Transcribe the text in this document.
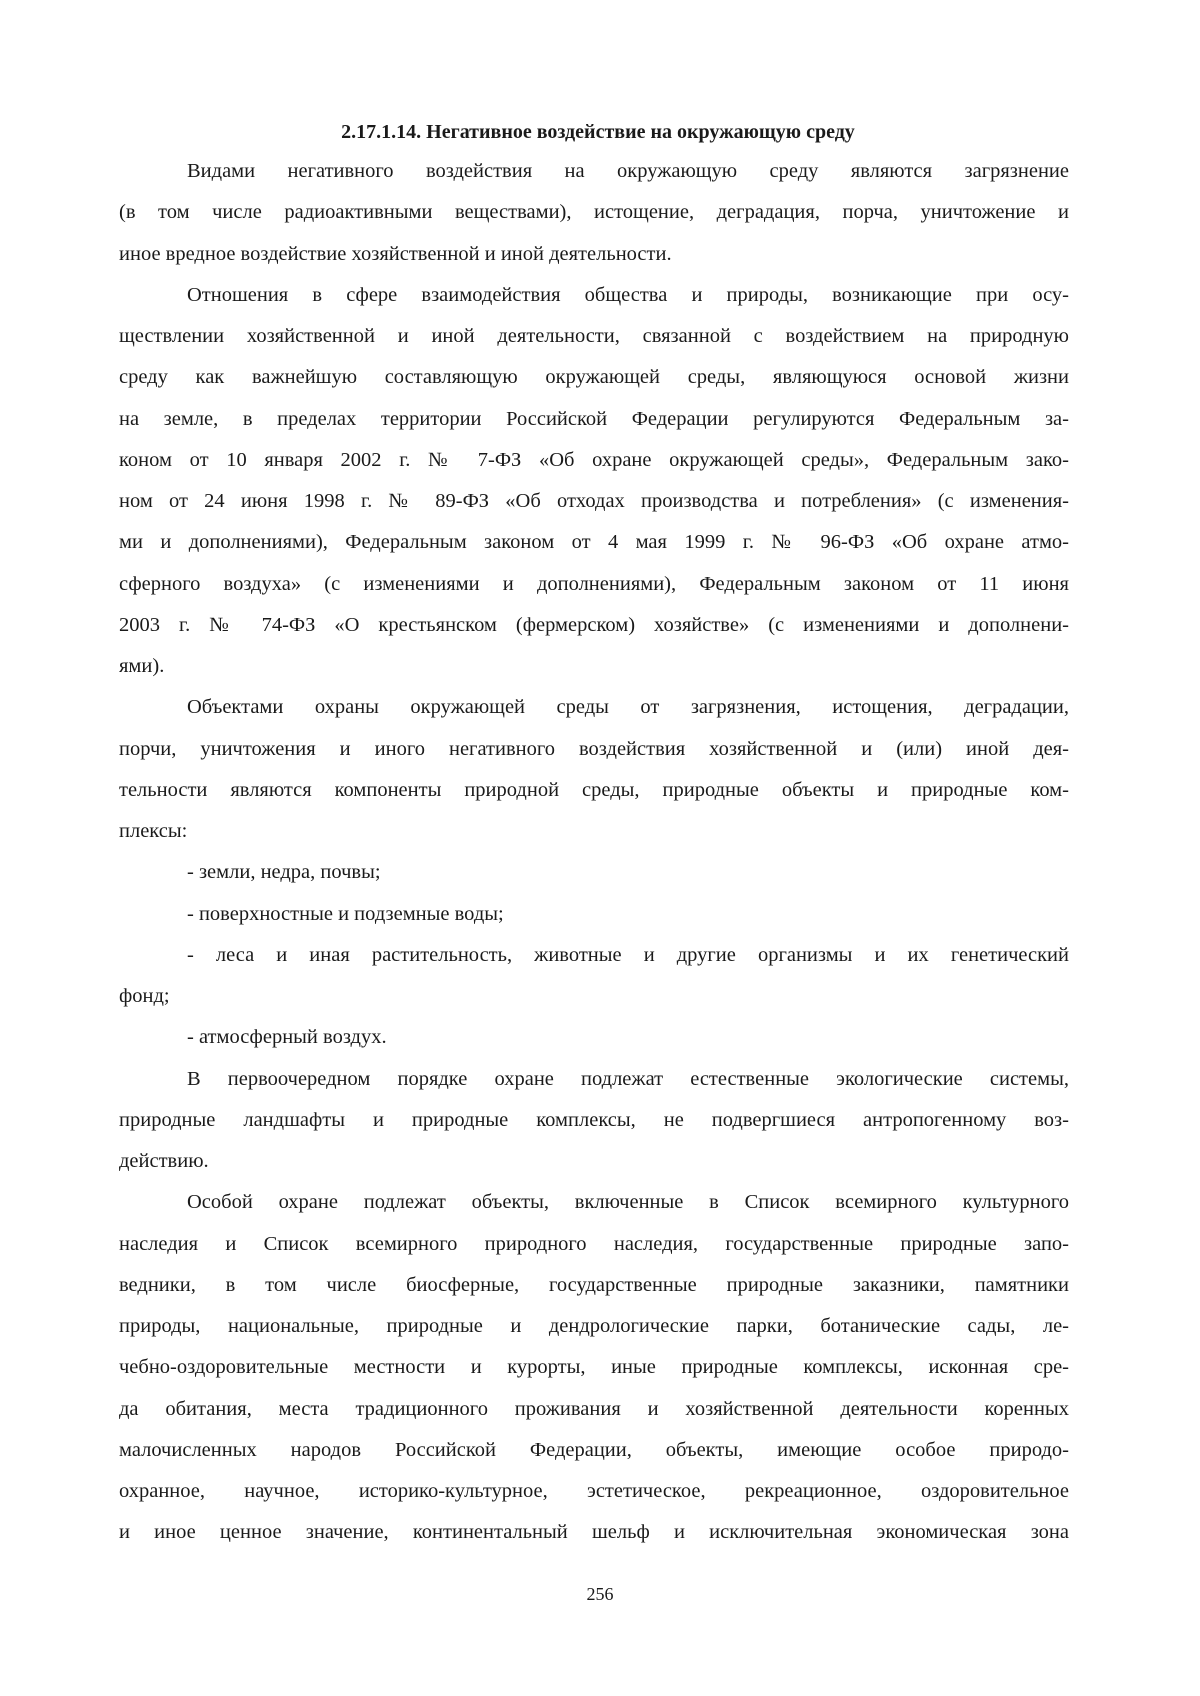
2.17.1.14. Негативное воздействие на окружающую среду
Видами негативного воздействия на окружающую среду являются загрязнение
(в том числе радиоактивными веществами), истощение, деградация, порча, уничтожение и
иное вредное воздействие хозяйственной и иной деятельности.
Отношения в сфере взаимодействия общества и природы, возникающие при осу-
ществлении хозяйственной и иной деятельности, связанной с воздействием на природную
среду как важнейшую составляющую окружающей среды, являющуюся основой жизни
на земле, в пределах территории Российской Федерации регулируются Федеральным за-
коном от 10 января 2002 г. № 7-ФЗ «Об охране окружающей среды», Федеральным зако-
ном от 24 июня 1998 г. № 89-ФЗ «Об отходах производства и потребления» (с изменения-
ми и дополнениями), Федеральным законом от 4 мая 1999 г. № 96-ФЗ «Об охране атмо-
сферного воздуха» (с изменениями и дополнениями), Федеральным законом от 11 июня
2003 г. № 74-ФЗ «О крестьянском (фермерском) хозяйстве» (с изменениями и дополнени-
ями).
Объектами охраны окружающей среды от загрязнения, истощения, деградации,
порчи, уничтожения и иного негативного воздействия хозяйственной и (или) иной дея-
тельности являются компоненты природной среды, природные объекты и природные ком-
плексы:
- земли, недра, почвы;
- поверхностные и подземные воды;
- леса и иная растительность, животные и другие организмы и их генетический
фонд;
- атмосферный воздух.
В первоочередном порядке охране подлежат естественные экологические системы,
природные ландшафты и природные комплексы, не подвергшиеся антропогенному воз-
действию.
Особой охране подлежат объекты, включенные в Список всемирного культурного
наследия и Список всемирного природного наследия, государственные природные запо-
ведники, в том числе биосферные, государственные природные заказники, памятники
природы, национальные, природные и дендрологические парки, ботанические сады, ле-
чебно-оздоровительные местности и курорты, иные природные комплексы, исконная сре-
да обитания, места традиционного проживания и хозяйственной деятельности коренных
малочисленных народов Российской Федерации, объекты, имеющие особое природо-
охранное, научное, историко-культурное, эстетическое, рекреационное, оздоровительное
и иное ценное значение, континентальный шельф и исключительная экономическая зона
256
